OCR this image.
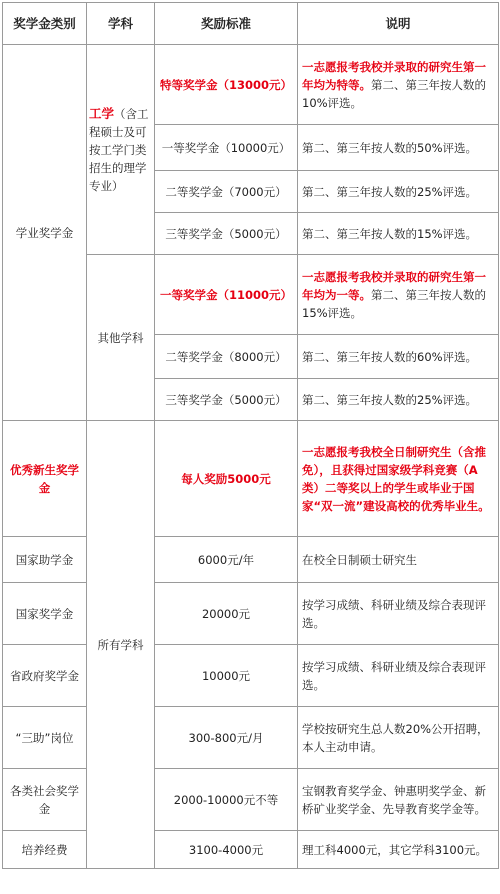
奖学金类别	学科	奖励标准	说明
学业奖学金	工学（含工程硕士及可按工学门类招生的理学专业）	特等奖学金（13000元）	一志愿报考我校并录取的研究生第一年均为特等。第二、第三年按人数的10%评选。
		一等奖学金（10000元）	第二、第三年按人数的50%评选。
		二等奖学金（7000元）	第二、第三年按人数的25%评选。
		三等奖学金（5000元）	第二、第三年按人数的15%评选。
	其他学科	一等奖学金（11000元）	一志愿报考我校并录取的研究生第一年均为一等。第二、第三年按人数的15%评选。
		二等奖学金（8000元）	第二、第三年按人数的60%评选。
		三等奖学金（5000元）	第二、第三年按人数的25%评选。
优秀新生奖学金	所有学科	每人奖励5000元	一志愿报考我校全日制研究生（含推免），且获得过国家级学科竞赛（A类）二等奖以上的学生或毕业于国家“双一流”建设高校的优秀毕业生。
国家助学金		6000元/年	在校全日制硕士研究生
国家奖学金		20000元	按学习成绩、科研业绩及综合表现评选。
省政府奖学金		10000元	按学习成绩、科研业绩及综合表现评选。
“三助”岗位		300-800元/月	学校按研究生总人数20%公开招聘，本人主动申请。
各类社会奖学金		2000-10000元不等	宝钢教育奖学金、钟惠明奖学金、新桥矿业奖学金、先导教育奖学金等。
培养经费		3100-4000元	理工科4000元，其它学科3100元。
